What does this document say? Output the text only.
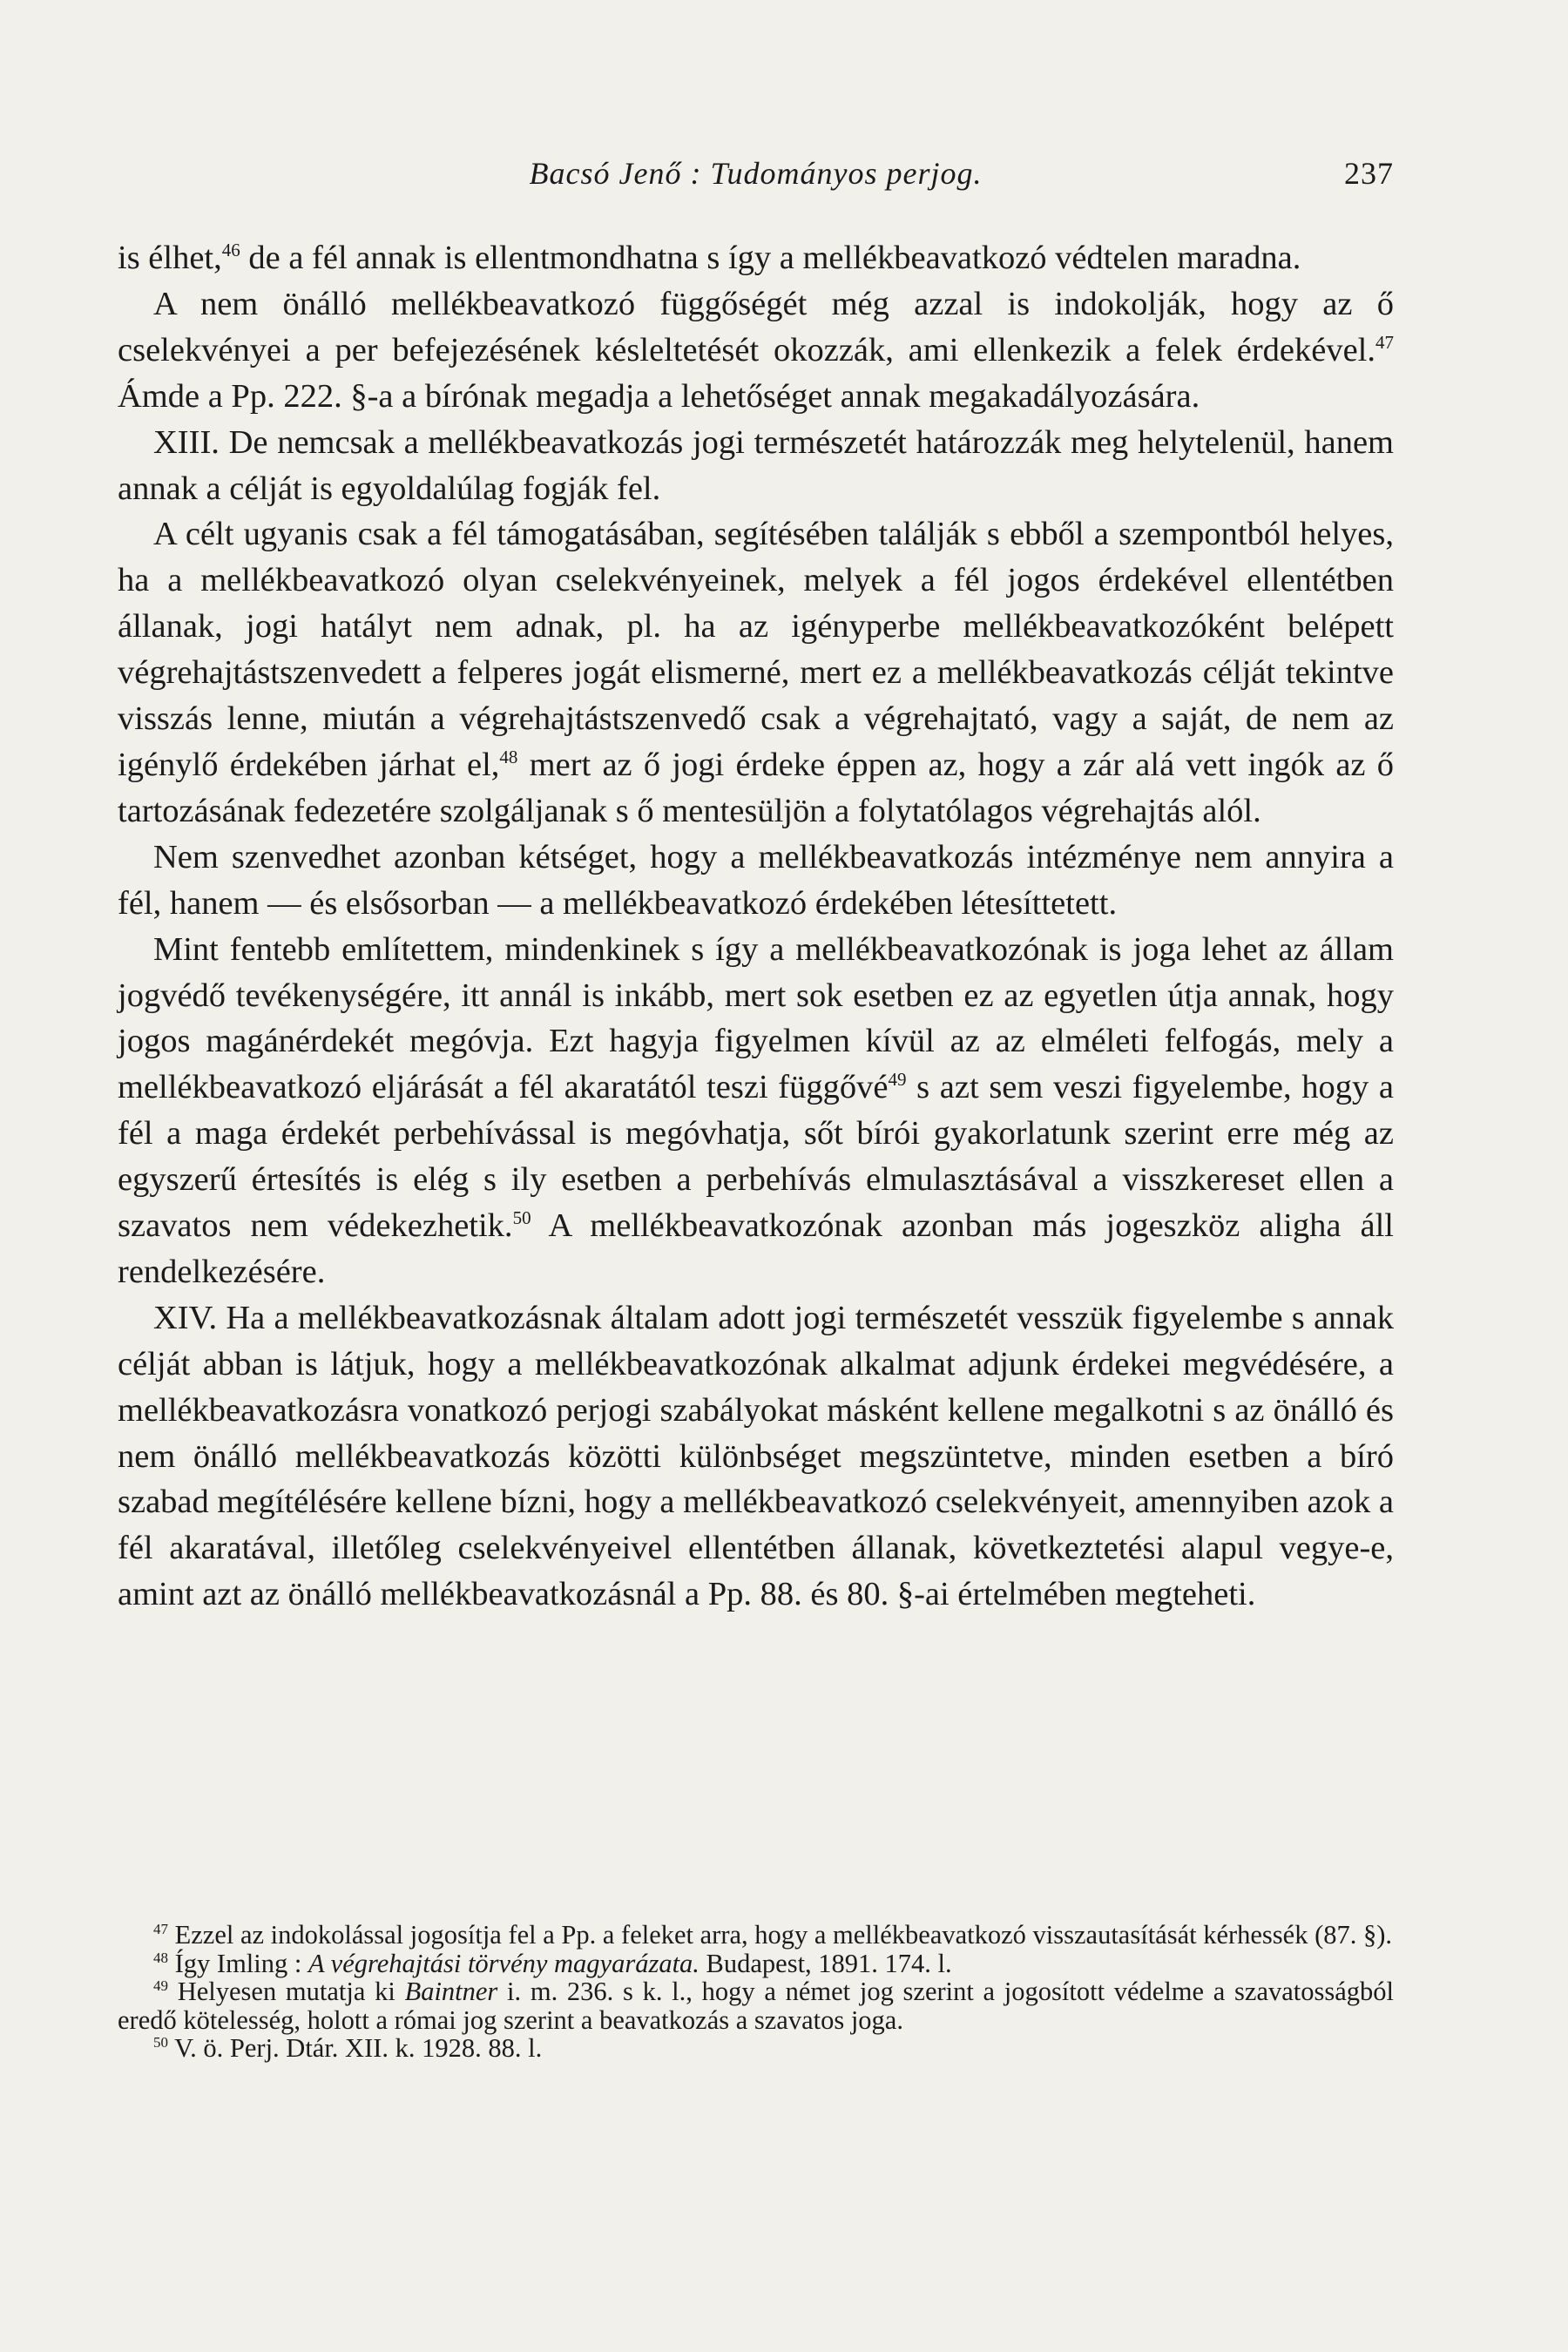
Bacsó Jenő : Tudományos perjog.	237

is élhet,$^{46}$ de a fél annak is ellentmondhatna s így a mellékbeavatkozó védtelen maradna.

A nem önálló mellékbeavatkozó függőségét még azzal is indokolják, hogy az ő cselekvényei a per befejezésének késleltetését okozzák, ami ellenkezik a felek érdekével.$^{47}$ Ámde a Pp. 222. §-a a bírónak megadja a lehetőséget annak megakadályozására.

XIII. De nemcsak a mellékbeavatkozás jogi természetét határozzák meg helytelenül, hanem annak a célját is egyoldalúlag fogják fel.

A célt ugyanis csak a fél támogatásában, segítésében találják s ebből a szempontból helyes, ha a mellékbeavatkozó olyan cselekvényeinek, melyek a fél jogos érdekével ellentétben állanak, jogi hatályt nem adnak, pl. ha az igényperbe mellékbeavatkozóként belépett végrehajtástszenvedett a felperes jogát elismerné, mert ez a mellékbeavatkozás célját tekintve visszás lenne, miután a végrehajtástszenvedő csak a végrehajtató, vagy a saját, de nem az igénylő érdekében járhat el,$^{48}$ mert az ő jogi érdeke éppen az, hogy a zár alá vett ingók az ő tartozásának fedezetére szolgáljanak s ő mentesüljön a folytatólagos végrehajtás alól.

Nem szenvedhet azonban kétséget, hogy a mellékbeavatkozás intézménye nem annyira a fél, hanem — és elsősorban — a mellékbeavatkozó érdekében létesíttetett.

Mint fentebb említettem, mindenkinek s így a mellékbeavatkozónak is joga lehet az állam jogvédő tevékenységére, itt annál is inkább, mert sok esetben ez az egyetlen útja annak, hogy jogos magánérdekét megóvja. Ezt hagyja figyelmen kívül az az elméleti felfogás, mely a mellékbeavatkozó eljárását a fél akaratától teszi függővé$^{49}$ s azt sem veszi figyelembe, hogy a fél a maga érdekét perbehívással is megóvhatja, sőt bírói gyakorlatunk szerint erre még az egyszerű értesítés is elég s ily esetben a perbehívás elmulasztásával a visszkereset ellen a szavatos nem védekezhetik.$^{50}$ A mellékbeavatkozónak azonban más jogeszköz aligha áll rendelkezésére.

XIV. Ha a mellékbeavatkozásnak általam adott jogi természetét vesszük figyelembe s annak célját abban is látjuk, hogy a mellékbeavatkozónak alkalmat adjunk érdekei megvédésére, a mellékbeavatkozásra vonatkozó perjogi szabályokat másként kellene megalkotni s az önálló és nem önálló mellékbeavatkozás közötti különbséget megszüntetve, minden esetben a bíró szabad megítélésére kellene bízni, hogy a mellékbeavatkozó cselekvényeit, amennyiben azok a fél akaratával, illetőleg cselekvényeivel ellentétben állanak, következtetési alapul vegye-e, amint azt az önálló mellékbeavatkozásnál a Pp. 88. és 80. §-ai értelmében megteheti.

$^{47}$ Ezzel az indokolással jogosítja fel a Pp. a feleket arra, hogy a mellékbeavatkozó visszautasítását kérhessék (87. §).

$^{48}$ Így Imling : A végrehajtási törvény magyarázata. Budapest, 1891. 174. l.

$^{49}$ Helyesen mutatja ki Baintner i. m. 236. s k. l., hogy a német jog szerint a jogosított védelme a szavatosságból eredő kötelesség, holott a római jog szerint a beavatkozás a szavatos joga.

$^{50}$ V. ö. Perj. Dtár. XII. k. 1928. 88. l.
